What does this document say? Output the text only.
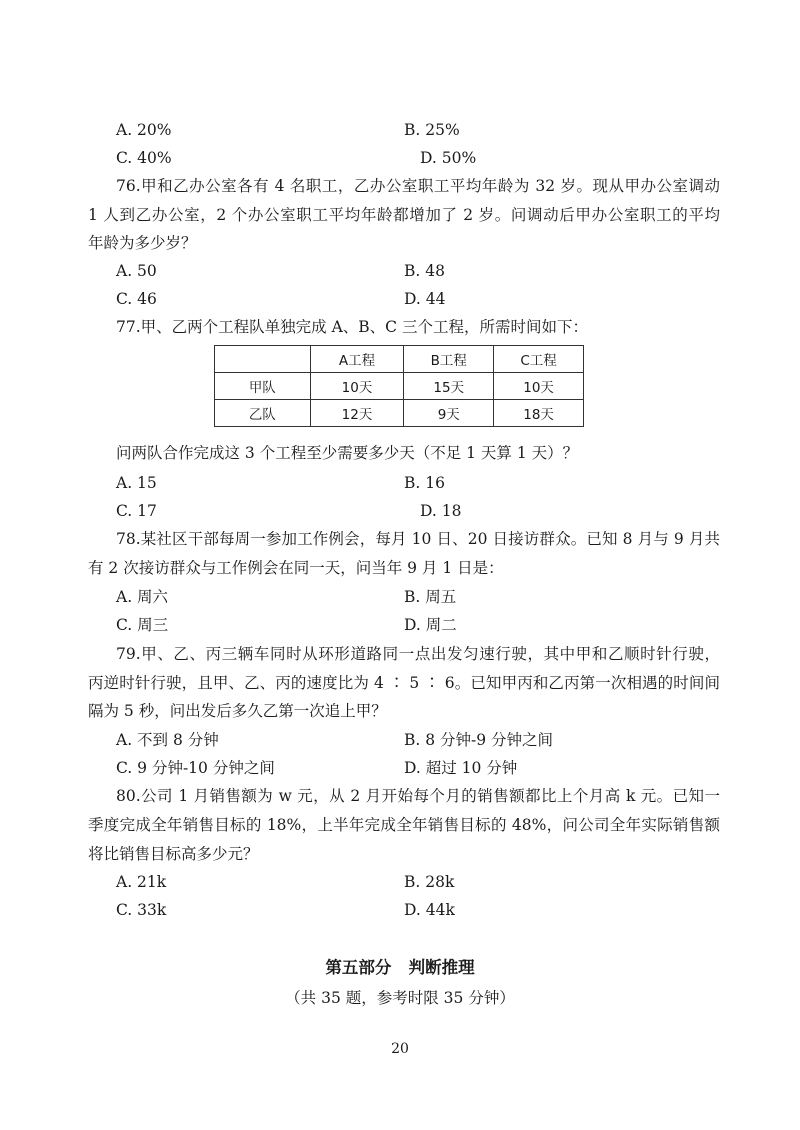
A. 20%	B. 25%
C. 40%	D. 50%
76.甲和乙办公室各有 4 名职工，乙办公室职工平均年龄为 32 岁。现从甲办公室调动
1 人到乙办公室，2 个办公室职工平均年龄都增加了 2 岁。问调动后甲办公室职工的平均
年龄为多少岁？
A. 50	B. 48
C. 46	D. 44
77.甲、乙两个工程队单独完成 A、B、C 三个工程，所需时间如下：
	A工程	B工程	C工程
甲队	10天	15天	10天
乙队	12天	9天	18天
问两队合作完成这 3 个工程至少需要多少天（不足 1 天算 1 天）？
A. 15	B. 16
C. 17	D. 18
78.某社区干部每周一参加工作例会，每月 10 日、20 日接访群众。已知 8 月与 9 月共
有 2 次接访群众与工作例会在同一天，问当年 9 月 1 日是：
A. 周六	B. 周五
C. 周三	D. 周二
79.甲、乙、丙三辆车同时从环形道路同一点出发匀速行驶，其中甲和乙顺时针行驶，
丙逆时针行驶，且甲、乙、丙的速度比为 4 ∶ 5 ∶ 6。已知甲丙和乙丙第一次相遇的时间间
隔为 5 秒，问出发后多久乙第一次追上甲？
A. 不到 8 分钟	B. 8 分钟-9 分钟之间
C. 9 分钟-10 分钟之间	D. 超过 10 分钟
80.公司 1 月销售额为 w 元，从 2 月开始每个月的销售额都比上个月高 k 元。已知一
季度完成全年销售目标的 18%，上半年完成全年销售目标的 48%，问公司全年实际销售额
将比销售目标高多少元？
A. 21k	B. 28k
C. 33k	D. 44k
第五部分   判断推理
（共 35 题，参考时限 35 分钟）
20
